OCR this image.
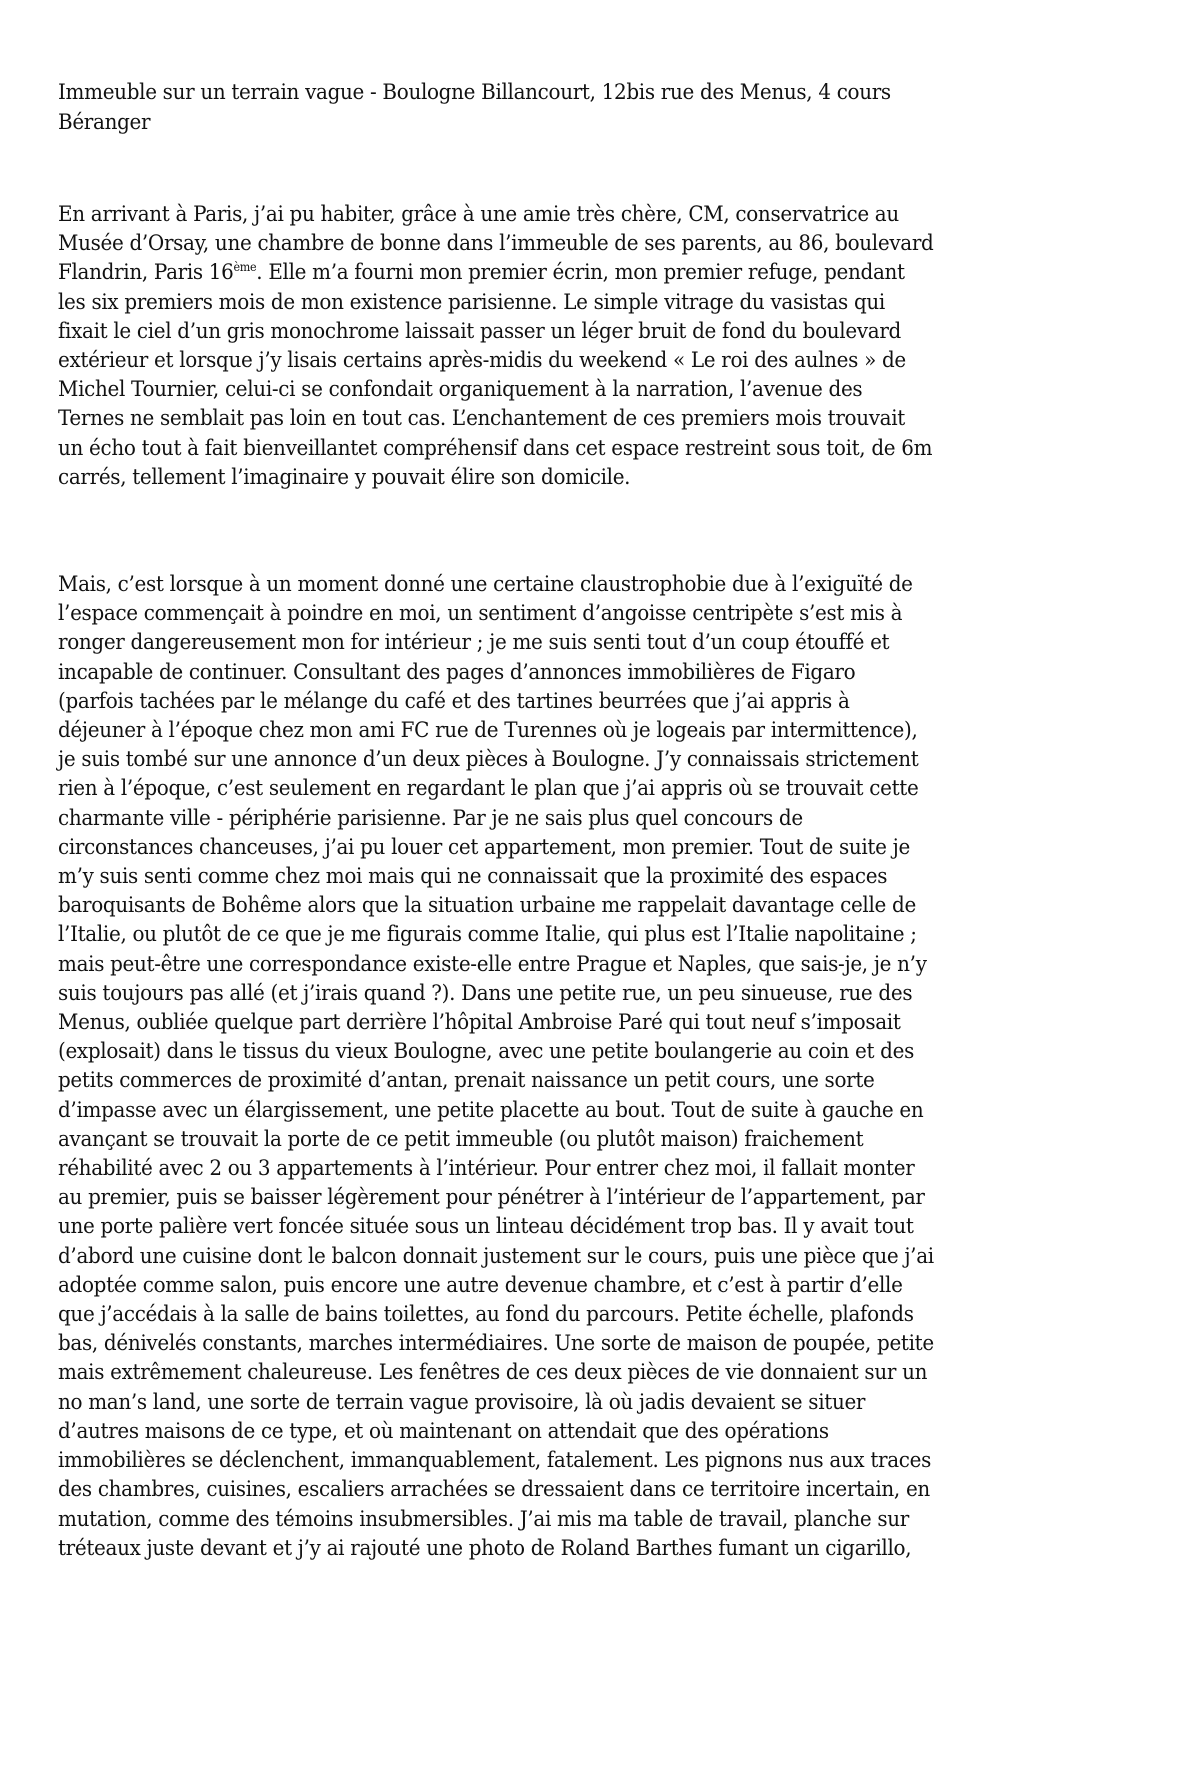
Immeuble sur un terrain vague - Boulogne Billancourt, 12bis rue des Menus, 4 cours
Béranger
En arrivant à Paris, j’ai pu habiter, grâce à une amie très chère, CM, conservatrice au
Musée d’Orsay, une chambre de bonne dans l’immeuble de ses parents, au 86, boulevard
Flandrin, Paris 16ème. Elle m’a fourni mon premier écrin, mon premier refuge, pendant
les six premiers mois de mon existence parisienne. Le simple vitrage du vasistas qui
fixait le ciel d’un gris monochrome laissait passer un léger bruit de fond du boulevard
extérieur et lorsque j’y lisais certains après-midis du weekend « Le roi des aulnes » de
Michel Tournier, celui-ci se confondait organiquement à la narration, l’avenue des
Ternes ne semblait pas loin en tout cas. L’enchantement de ces premiers mois trouvait
un écho tout à fait bienveillantet compréhensif dans cet espace restreint sous toit, de 6m
carrés, tellement l’imaginaire y pouvait élire son domicile.
Mais, c’est lorsque à un moment donné une certaine claustrophobie due à l’exiguïté de
l’espace commençait à poindre en moi, un sentiment d’angoisse centripète s’est mis à
ronger dangereusement mon for intérieur ; je me suis senti tout d’un coup étouffé et
incapable de continuer. Consultant des pages d’annonces immobilières de Figaro
(parfois tachées par le mélange du café et des tartines beurrées que j’ai appris à
déjeuner à l’époque chez mon ami FC rue de Turennes où je logeais par intermittence),
je suis tombé sur une annonce d’un deux pièces à Boulogne. J’y connaissais strictement
rien à l’époque, c’est seulement en regardant le plan que j’ai appris où se trouvait cette
charmante ville - périphérie parisienne. Par je ne sais plus quel concours de
circonstances chanceuses, j’ai pu louer cet appartement, mon premier. Tout de suite je
m’y suis senti comme chez moi mais qui ne connaissait que la proximité des espaces
baroquisants de Bohême alors que la situation urbaine me rappelait davantage celle de
l’Italie, ou plutôt de ce que je me figurais comme Italie, qui plus est l’Italie napolitaine ;
mais peut-être une correspondance existe-elle entre Prague et Naples, que sais-je, je n’y
suis toujours pas allé (et j’irais quand ?). Dans une petite rue, un peu sinueuse, rue des
Menus, oubliée quelque part derrière l’hôpital Ambroise Paré qui tout neuf s’imposait
(explosait) dans le tissus du vieux Boulogne, avec une petite boulangerie au coin et des
petits commerces de proximité d’antan, prenait naissance un petit cours, une sorte
d’impasse avec un élargissement, une petite placette au bout. Tout de suite à gauche en
avançant se trouvait la porte de ce petit immeuble (ou plutôt maison) fraichement
réhabilité avec 2 ou 3 appartements à l’intérieur. Pour entrer chez moi, il fallait monter
au premier, puis se baisser légèrement pour pénétrer à l’intérieur de l’appartement, par
une porte palière vert foncée située sous un linteau décidément trop bas. Il y avait tout
d’abord une cuisine dont le balcon donnait justement sur le cours, puis une pièce que j’ai
adoptée comme salon, puis encore une autre devenue chambre, et c’est à partir d’elle
que j’accédais à la salle de bains toilettes, au fond du parcours. Petite échelle, plafonds
bas, dénivelés constants, marches intermédiaires. Une sorte de maison de poupée, petite
mais extrêmement chaleureuse. Les fenêtres de ces deux pièces de vie donnaient sur un
no man’s land, une sorte de terrain vague provisoire, là où jadis devaient se situer
d’autres maisons de ce type, et où maintenant on attendait que des opérations
immobilières se déclenchent, immanquablement, fatalement. Les pignons nus aux traces
des chambres, cuisines, escaliers arrachées se dressaient dans ce territoire incertain, en
mutation, comme des témoins insubmersibles. J’ai mis ma table de travail, planche sur
tréteaux juste devant et j’y ai rajouté une photo de Roland Barthes fumant un cigarillo,
